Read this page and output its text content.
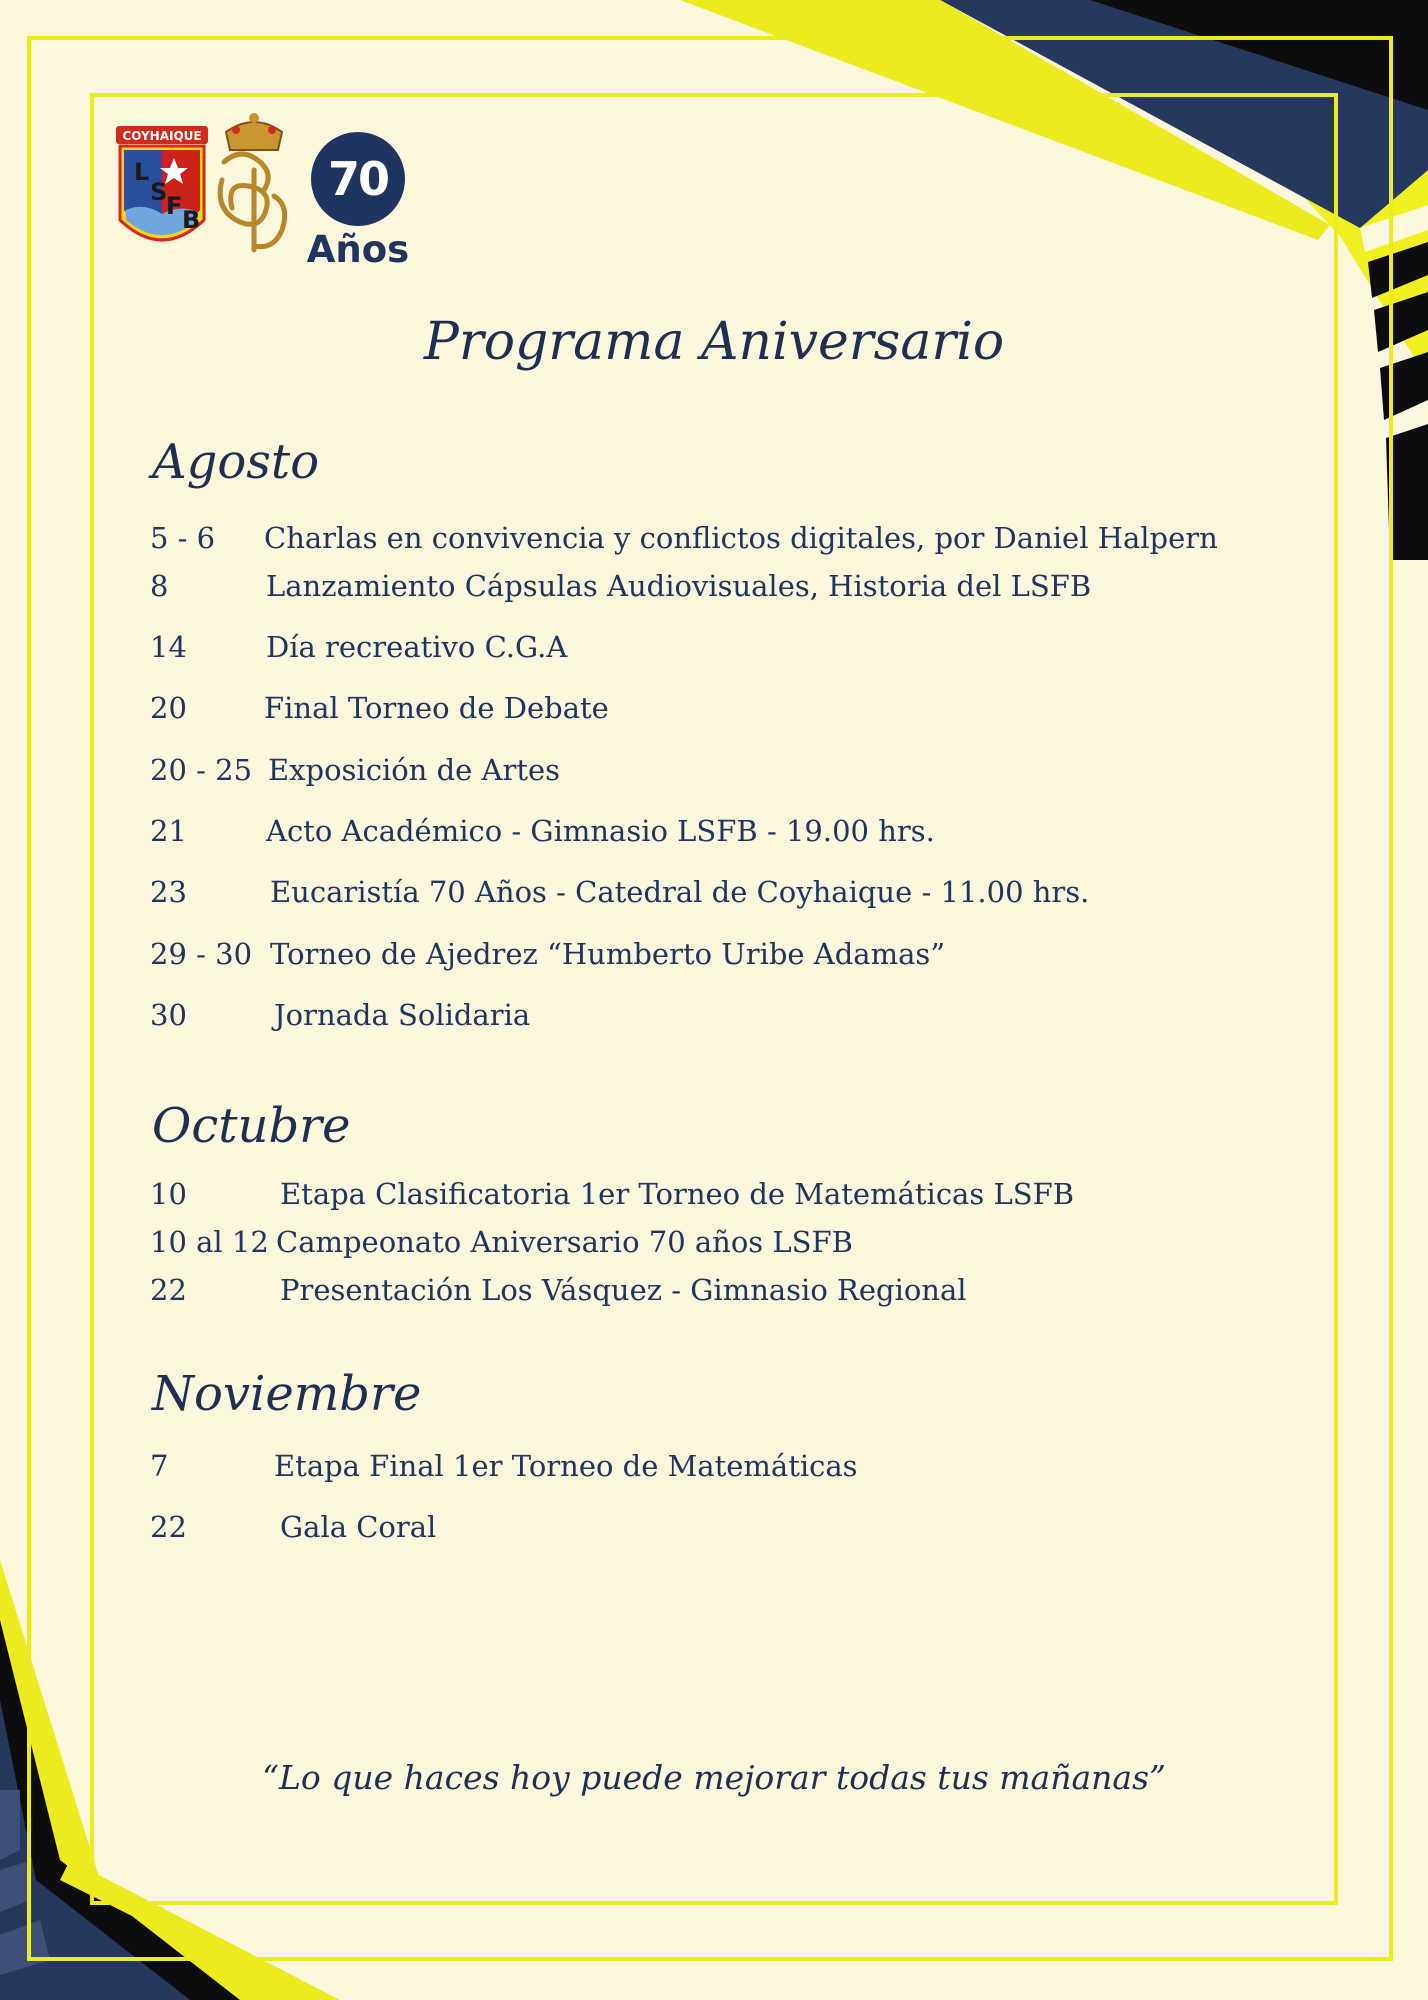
COYHAIQUE
L
S
F B
70
Años
Programa Aniversario
Agosto
5 - 6 Charlas en convivencia y conflictos digitales, por Daniel Halpern
8	Lanzamiento Cápsulas Audiovisuales, Historia del LSFB
14	Día recreativo C.G.A
20	Final Torneo de Debate
20 - 25 Exposición de Artes
21	Acto Académico - Gimnasio LSFB - 19.00 hrs.
23	Eucaristía 70 Años - Catedral de Coyhaique - 11.00 hrs.
29 - 30 Torneo de Ajedrez “Humberto Uribe Adamas”
30	Jornada Solidaria
Octubre
10	Etapa Clasificatoria 1er Torneo de Matemáticas LSFB
10 al 12 Campeonato Aniversario 70 años LSFB
22	Presentación Los Vásquez - Gimnasio Regional
Noviembre
7	Etapa Final 1er Torneo de Matemáticas
22	Gala Coral
“Lo que haces hoy puede mejorar todas tus mañanas”
